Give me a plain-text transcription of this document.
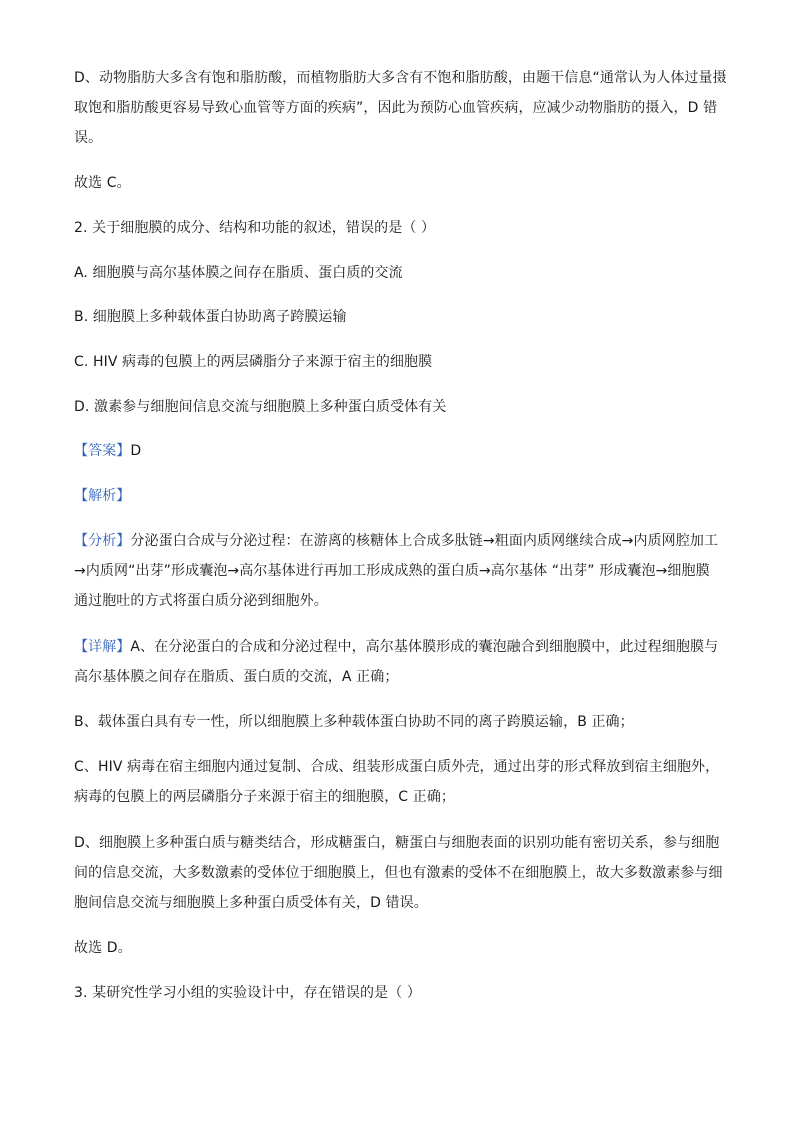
D、动物脂肪大多含有饱和脂肪酸，而植物脂肪大多含有不饱和脂肪酸，由题干信息“通常认为人体过量摄
取饱和脂肪酸更容易导致心血管等方面的疾病”，因此为预防心血管疾病，应减少动物脂肪的摄入，D 错
误。
故选 C。
2. 关于细胞膜的成分、结构和功能的叙述，错误的是（ ）
A. 细胞膜与高尔基体膜之间存在脂质、蛋白质的交流
B. 细胞膜上多种载体蛋白协助离子跨膜运输
C. HIV 病毒的包膜上的两层磷脂分子来源于宿主的细胞膜
D. 激素参与细胞间信息交流与细胞膜上多种蛋白质受体有关
【答案】D
【解析】
【分析】分泌蛋白合成与分泌过程：在游离的核糖体上合成多肽链→粗面内质网继续合成→内质网腔加工
→内质网“出芽”形成囊泡→高尔基体进行再加工形成成熟的蛋白质→高尔基体 “出芽” 形成囊泡→细胞膜
通过胞吐的方式将蛋白质分泌到细胞外。
【详解】A、在分泌蛋白的合成和分泌过程中，高尔基体膜形成的囊泡融合到细胞膜中，此过程细胞膜与
高尔基体膜之间存在脂质、蛋白质的交流，A 正确；
B、载体蛋白具有专一性，所以细胞膜上多种载体蛋白协助不同的离子跨膜运输，B 正确；
C、HIV 病毒在宿主细胞内通过复制、合成、组装形成蛋白质外壳，通过出芽的形式释放到宿主细胞外，
病毒的包膜上的两层磷脂分子来源于宿主的细胞膜，C 正确；
D、细胞膜上多种蛋白质与糖类结合，形成糖蛋白，糖蛋白与细胞表面的识别功能有密切关系，参与细胞
间的信息交流，大多数激素的受体位于细胞膜上，但也有激素的受体不在细胞膜上，故大多数激素参与细
胞间信息交流与细胞膜上多种蛋白质受体有关，D 错误。
故选 D。
3. 某研究性学习小组的实验设计中，存在错误的是（ ）
